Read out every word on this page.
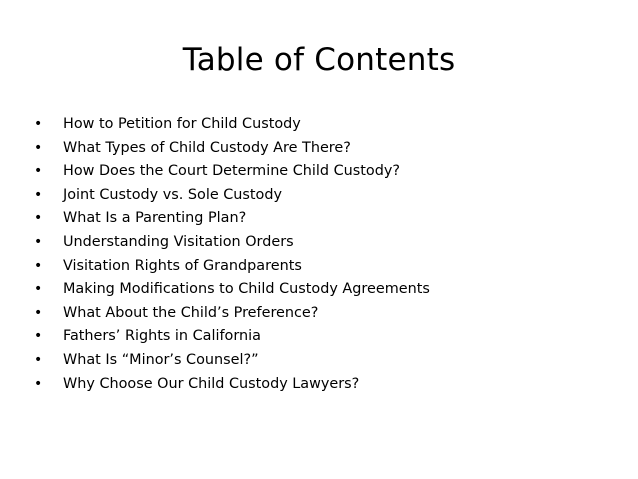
Table of Contents
• How to Petition for Child Custody
• What Types of Child Custody Are There?
• How Does the Court Determine Child Custody?
• Joint Custody vs. Sole Custody
• What Is a Parenting Plan?
• Understanding Visitation Orders
• Visitation Rights of Grandparents
• Making Modifications to Child Custody Agreements
• What About the Child’s Preference?
• Fathers’ Rights in California
• What Is “Minor’s Counsel?”
• Why Choose Our Child Custody Lawyers?
